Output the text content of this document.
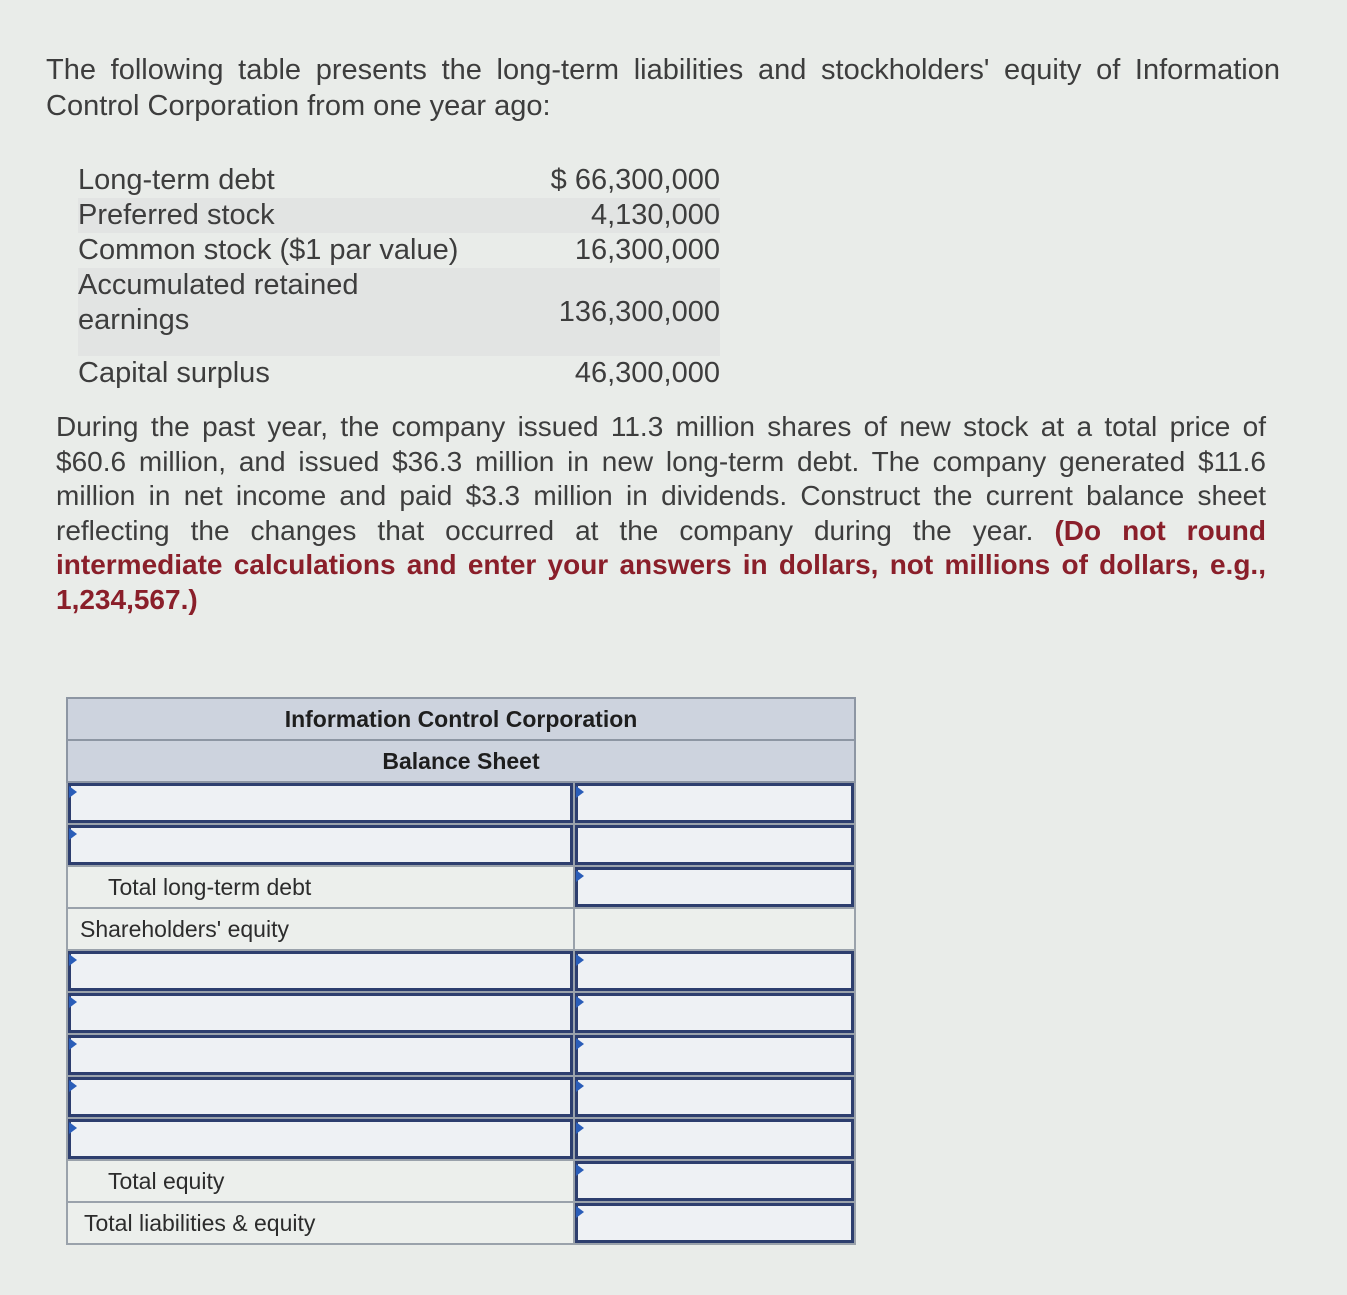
The following table presents the long-term liabilities and stockholders' equity of Information Control Corporation from one year ago:

Long-term debt	$ 66,300,000
Preferred stock	4,130,000
Common stock ($1 par value)	16,300,000

Accumulated retained earnings	136,300,000
Capital surplus	46,300,000

During the past year, the company issued 11.3 million shares of new stock at a total price of $60.6 million, and issued $36.3 million in new long-term debt. The company generated $11.6 million in net income and paid $3.3 million in dividends. Construct the current balance sheet reflecting the changes that occurred at the company during the year. (Do not round intermediate calculations and enter your answers in dollars, not millions of dollars, e.g., 1,234,567.)

Information Control Corporation	
Balance Sheet	

Total long-term debt	

Shareholders' equity	

Total equity	

Total liabilities & equity	
